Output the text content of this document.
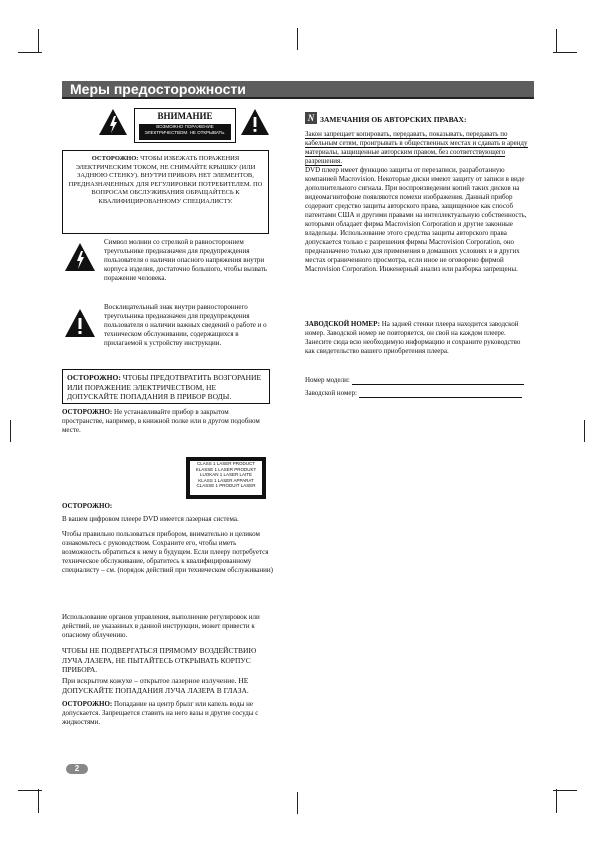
Меры предосторожности
ВНИМАНИЕ
ВОЗМОЖНО ПОРАЖЕНИЕ ЭЛЕКТРИЧЕСТВОМ. НЕ ОТКРЫВАТЬ.

ОСТОРОЖНО: ЧТОБЫ ИЗБЕЖАТЬ ПОРАЖЕНИЯ ЭЛЕКТРИЧЕСКИМ ТОКОМ, НЕ СНИМАЙТЕ КРЫШКУ (ИЛИ ЗАДНЮЮ СТЕНКУ). ВНУТРИ ПРИБОРА НЕТ ЭЛЕМЕНТОВ, ПРЕДНАЗНАЧЕННЫХ ДЛЯ РЕГУЛИРОВКИ ПОТРЕБИТЕЛЕМ. ПО ВОПРОСАМ ОБСЛУЖИВАНИЯ ОБРАЩАЙТЕСЬ К КВАЛИФИЦИРОВАННОМУ СПЕЦИАЛИСТУ.

Символ молнии со стрелкой в равностороннем треугольнике предназначен для предупреждения пользователя о наличии опасного напряжения внутри корпуса изделия, достаточно большого, чтобы вызвать поражение человека.

Восклицательный знак внутри равностороннего треугольника предназначен для предупреждения пользователя о наличии важных сведений о работе и о техническом обслуживании, содержащихся в прилагаемой к устройству инструкции.

ОСТОРОЖНО: ЧТОБЫ ПРЕДОТВРАТИТЬ ВОЗГОРАНИЕ ИЛИ ПОРАЖЕНИЕ ЭЛЕКТРИЧЕСТВОМ, НЕ ДОПУСКАЙТЕ ПОПАДАНИЯ В ПРИБОР ВОДЫ.

ОСТОРОЖНО: Не устанавливайте прибор в закрытом пространстве, например, в книжной полке или в другом подобном месте.

CLASS 1 LASER PRODUCT
KLASSE 1 LASER PRODUKT
LUOKAN 1 LASER LAITE
KLASS 1 LASER APPARAT
CLASSE 1 PRODUIT LASER

ОСТОРОЖНО:

В вашем цифровом плеере DVD имеется лазерная система.

Чтобы правильно пользоваться прибором, внимательно и целиком ознакомьтесь с руководством. Сохраните его, чтобы иметь возможность обратиться к нему в будущем. Если плееру потребуется техническое обслуживание, обратитесь к квалифицированному специалисту – см. (порядок действий при техническом обслуживании)

Использование органов управления, выполнение регулировок или действий, не указанных в данной инструкции, может привести к опасному облучению.

ЧТОБЫ НЕ ПОДВЕРГАТЬСЯ ПРЯМОМУ ВОЗДЕЙСТВИЮ ЛУЧА ЛАЗЕРА, НЕ ПЫТАЙТЕСЬ ОТКРЫВАТЬ КОРПУС ПРИБОРА.

При вскрытом кожухе – открытое лазерное излучение. НЕ ДОПУСКАЙТЕ ПОПАДАНИЯ ЛУЧА ЛАЗЕРА В ГЛАЗА.

ОСТОРОЖНО: Попадание на центр брызг или капель воды не допускается. Запрещается ставить на него вазы и другие сосуды с жидкостями.

N ЗАМЕЧАНИЯ ОБ АВТОРСКИХ ПРАВАХ:

Закон запрещает копировать, передавать, показывать, передавать по кабельным сетям, проигрывать в общественных местах и сдавать в аренду материалы, защищенные авторским правом, без соответствующего разрешения.

DVD плеер имеет функцию защиты от перезаписи, разработанную компанией Macrovision. Некоторые диски имеют защиту от записи в виде дополнительного сигнала. При воспроизведении копий таких дисков на видеомагнитофоне появляются помехи изображения. Данный прибор содержит средство защиты авторского права, защищенное как способ патентами США и другими правами на интеллектуальную собственность, которыми обладает фирма Macrovision Corporation и другие законные владельцы. Использование этого средства защиты авторского права допускается только с разрешения фирмы Macrovision Corporation, оно предназначено только для применения в домашних условиях и в других местах ограниченного просмотра, если иное не оговорено фирмой Macrovision Corporation. Инженерный анализ или разборка запрещены.

ЗАВОДСКОЙ НОМЕР: На задней стенки плеера находится заводской номер. Заводской номер не повторяется, он свой на каждом плеере. Занесите сюда всю необходимую информацию и сохраните руководство как свидетельство вашего приобретения плеера.

Номер модели:
Заводской номер:
2
